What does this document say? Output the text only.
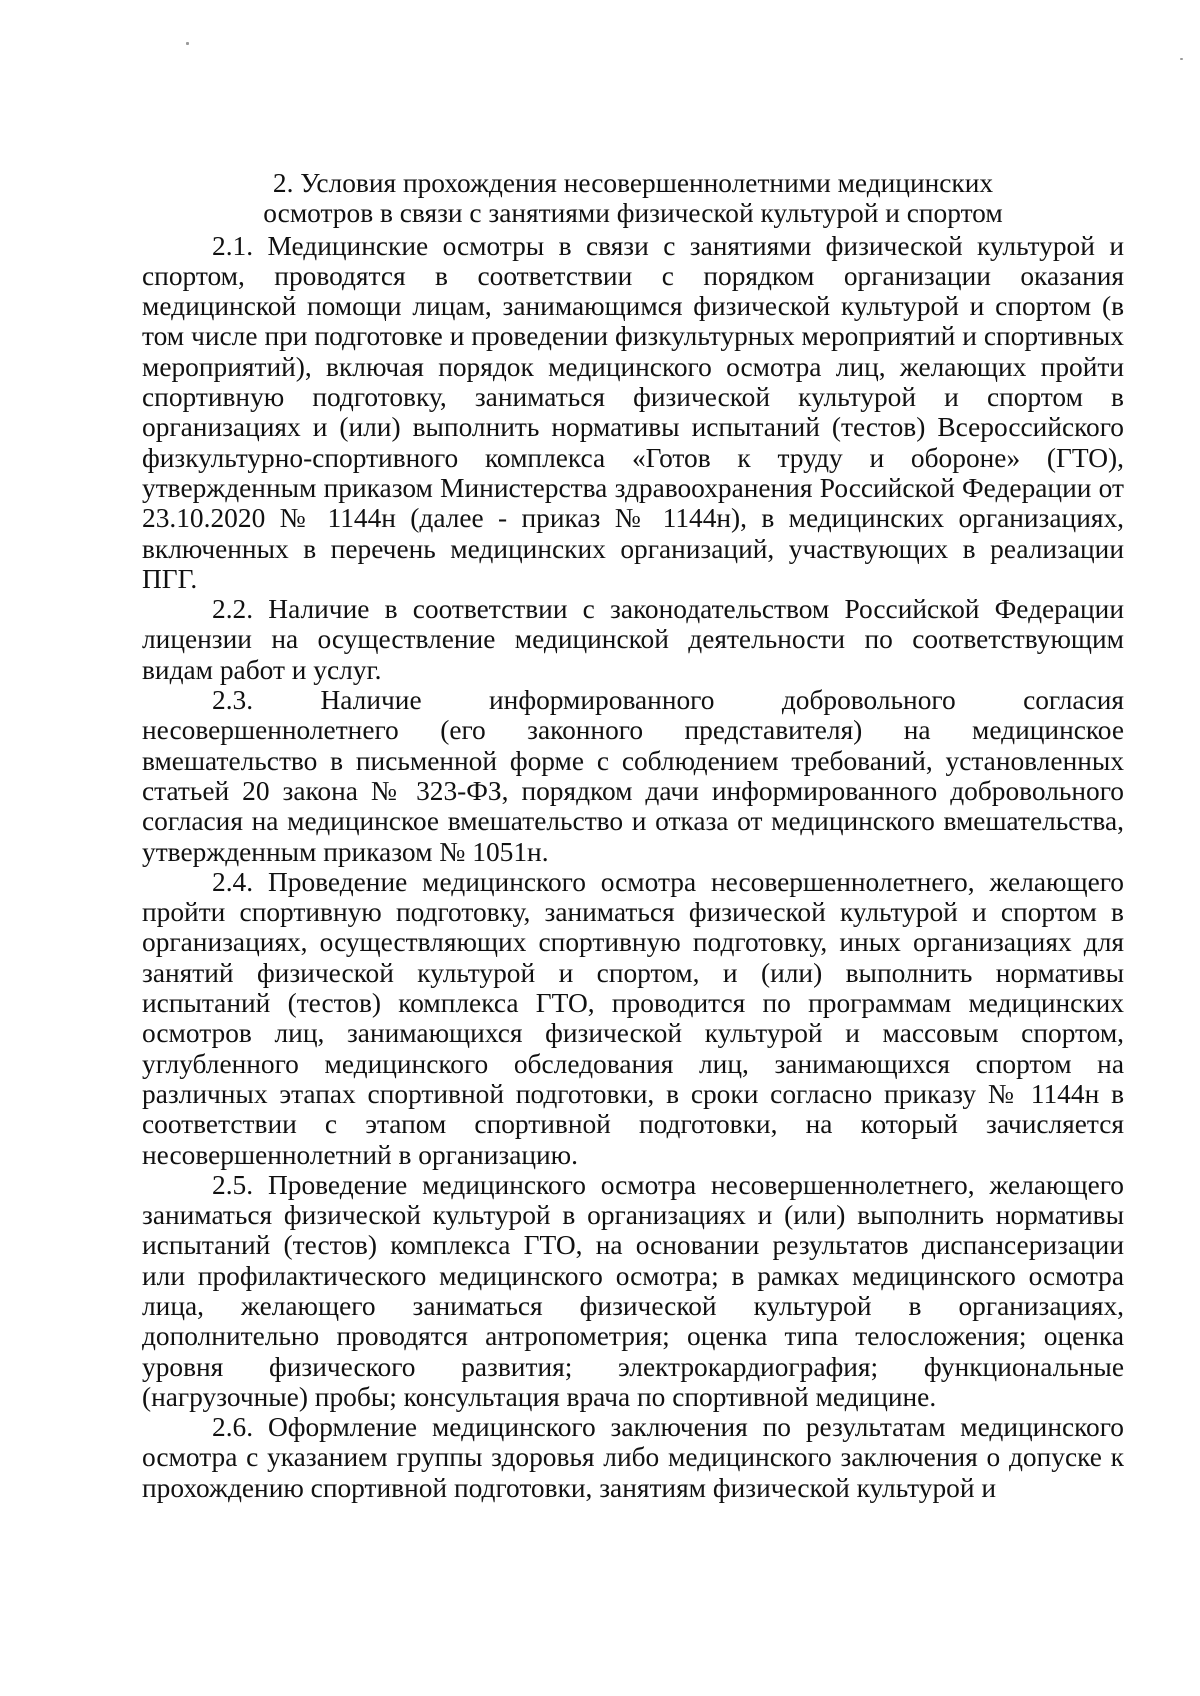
2. Условия прохождения несовершеннолетними медицинских
осмотров в связи с занятиями физической культурой и спортом

2.1. Медицинские осмотры в связи с занятиями физической культурой и спортом, проводятся в соответствии с порядком организации оказания медицинской помощи лицам, занимающимся физической культурой и спортом (в том числе при подготовке и проведении физкультурных мероприятий и спортивных мероприятий), включая порядок медицинского осмотра лиц, желающих пройти спортивную подготовку, заниматься физической культурой и спортом в организациях и (или) выполнить нормативы испытаний (тестов) Всероссийского физкультурно-спортивного комплекса «Готов к труду и обороне» (ГТО), утвержденным приказом Министерства здравоохранения Российской Федерации от 23.10.2020 № 1144н (далее - приказ № 1144н), в медицинских организациях, включенных в перечень медицинских организаций, участвующих в реализации ПГГ.

2.2. Наличие в соответствии с законодательством Российской Федерации лицензии на осуществление медицинской деятельности по соответствующим видам работ и услуг.

2.3. Наличие информированного добровольного согласия несовершеннолетнего (его законного представителя) на медицинское вмешательство в письменной форме с соблюдением требований, установленных статьей 20 закона № 323-ФЗ, порядком дачи информированного добровольного согласия на медицинское вмешательство и отказа от медицинского вмешательства, утвержденным приказом № 1051н.

2.4. Проведение медицинского осмотра несовершеннолетнего, желающего пройти спортивную подготовку, заниматься физической культурой и спортом в организациях, осуществляющих спортивную подготовку, иных организациях для занятий физической культурой и спортом, и (или) выполнить нормативы испытаний (тестов) комплекса ГТО, проводится по программам медицинских осмотров лиц, занимающихся физической культурой и массовым спортом, углубленного медицинского обследования лиц, занимающихся спортом на различных этапах спортивной подготовки, в сроки согласно приказу № 1144н в соответствии с этапом спортивной подготовки, на который зачисляется несовершеннолетний в организацию.

2.5. Проведение медицинского осмотра несовершеннолетнего, желающего заниматься физической культурой в организациях и (или) выполнить нормативы испытаний (тестов) комплекса ГТО, на основании результатов диспансеризации или профилактического медицинского осмотра; в рамках медицинского осмотра лица, желающего заниматься физической культурой в организациях, дополнительно проводятся антропометрия; оценка типа телосложения; оценка уровня физического развития; электрокардиография; функциональные (нагрузочные) пробы; консультация врача по спортивной медицине.

2.6. Оформление медицинского заключения по результатам медицинского осмотра с указанием группы здоровья либо медицинского заключения о допуске к прохождению спортивной подготовки, занятиям физической культурой и
